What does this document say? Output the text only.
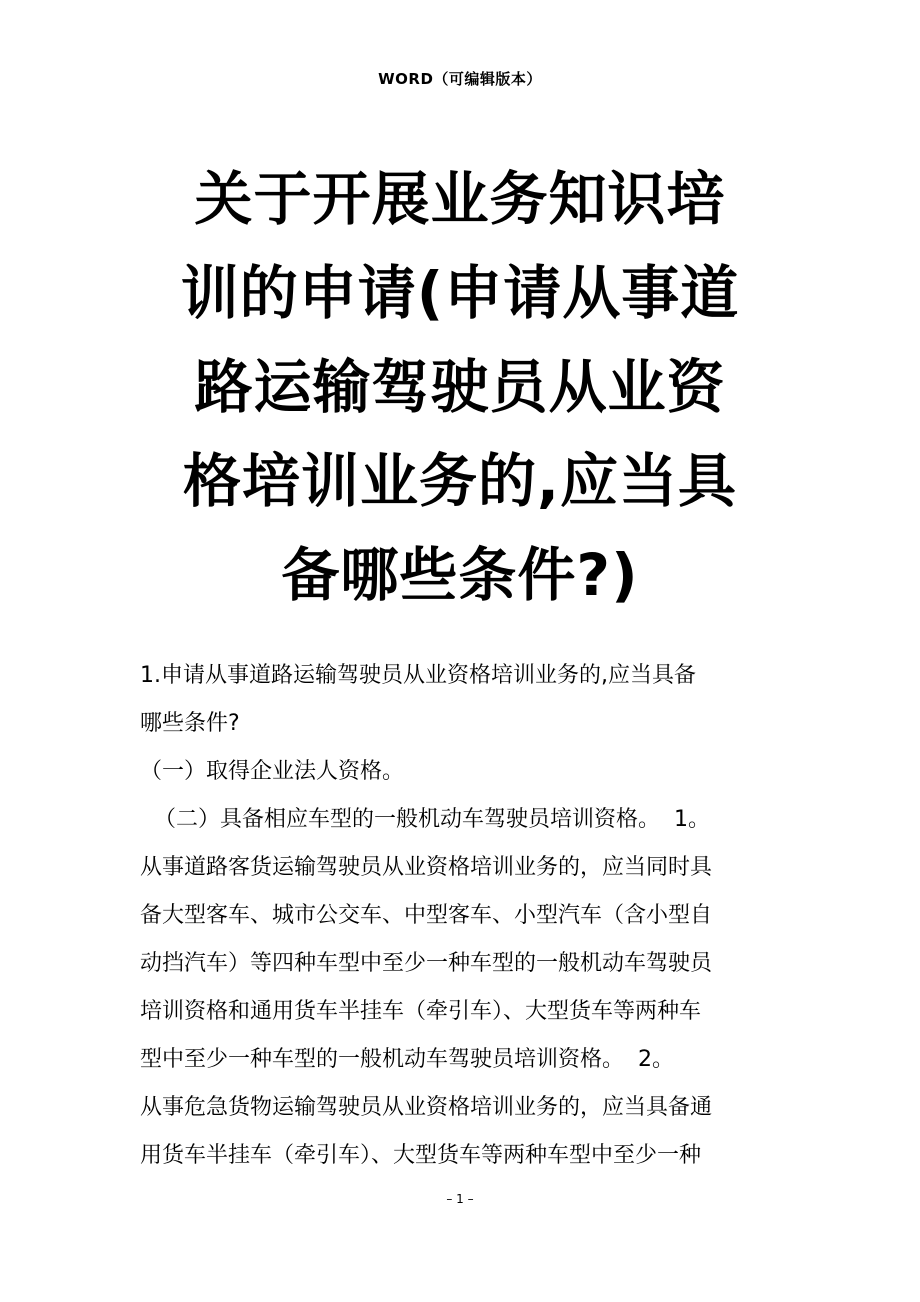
WORD（可编辑版本）
关于开展业务知识培
训的申请(申请从事道
路运输驾驶员从业资
格培训业务的,应当具
备哪些条件?)
1.申请从事道路运输驾驶员从业资格培训业务的,应当具备
哪些条件?
（一）取得企业法人资格。
（二）具备相应车型的一般机动车驾驶员培训资格。  1。
从事道路客货运输驾驶员从业资格培训业务的，应当同时具
备大型客车、城市公交车、中型客车、小型汽车（含小型自
动挡汽车）等四种车型中至少一种车型的一般机动车驾驶员
培训资格和通用货车半挂车（牵引车）、大型货车等两种车
型中至少一种车型的一般机动车驾驶员培训资格。  2。
从事危急货物运输驾驶员从业资格培训业务的，应当具备通
用货车半挂车（牵引车）、大型货车等两种车型中至少一种
– 1 –
